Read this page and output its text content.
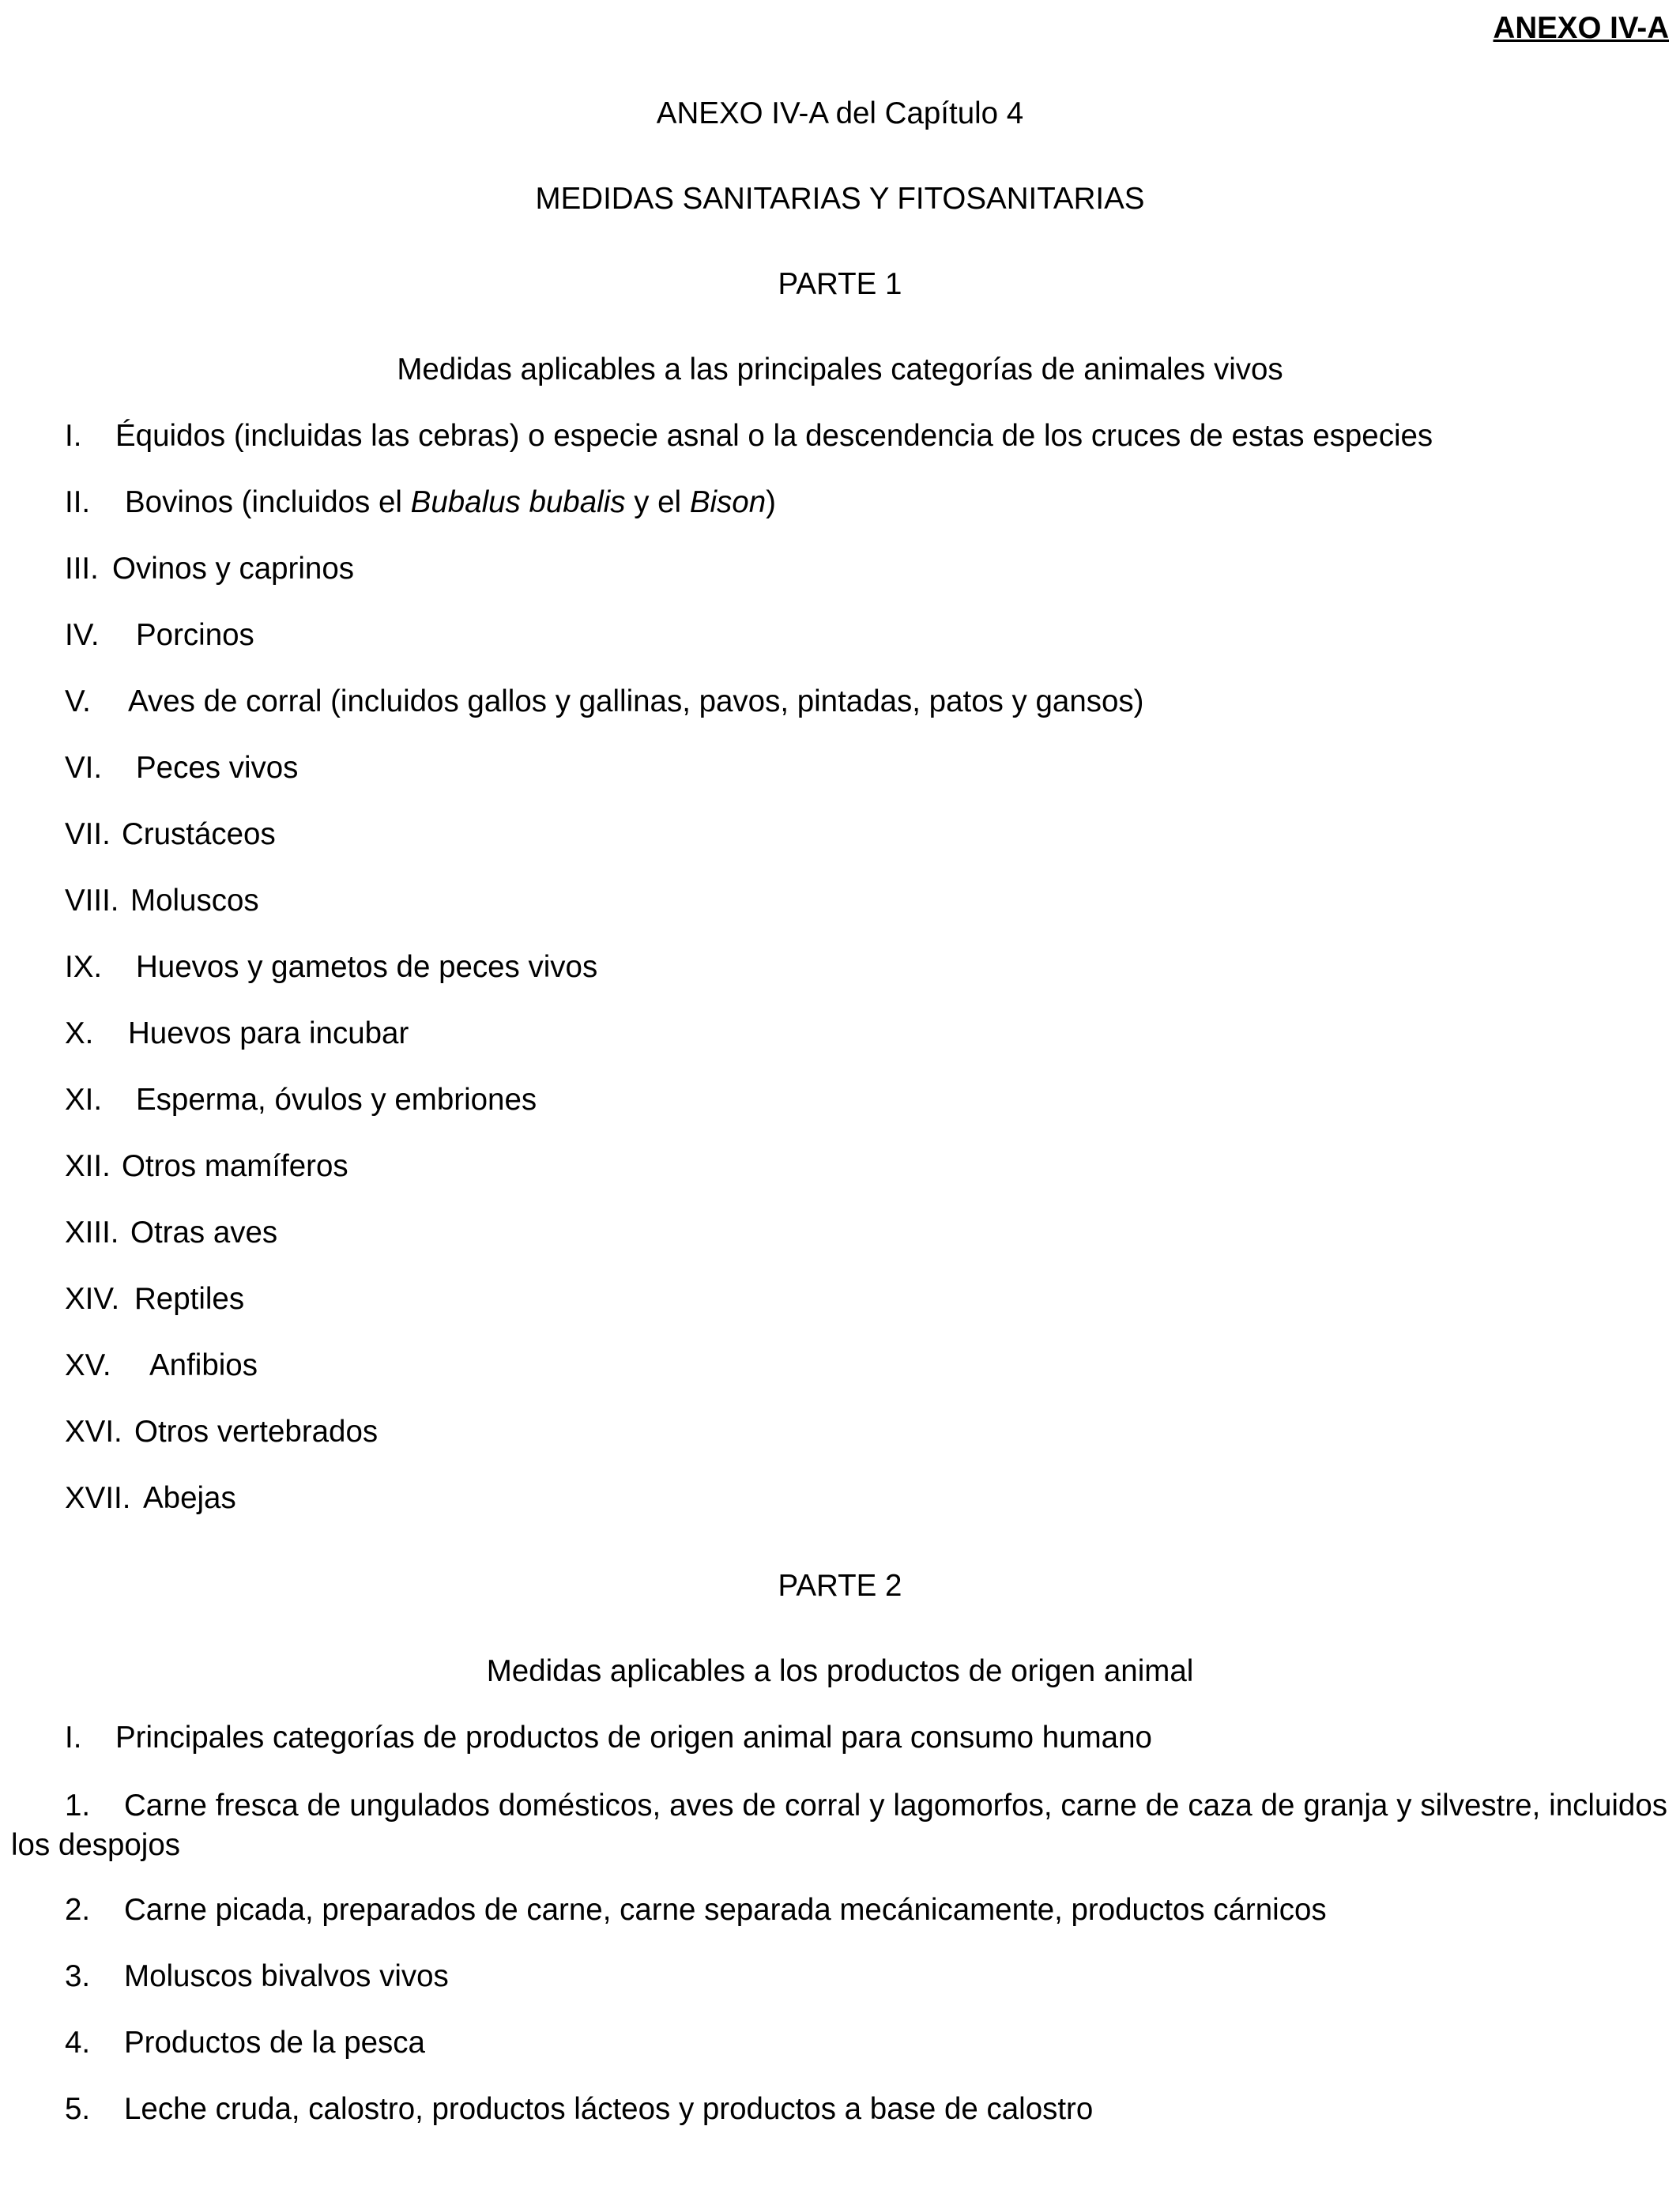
ANEXO IV-A
ANEXO IV-A del Capítulo 4
MEDIDAS SANITARIAS Y FITOSANITARIAS
PARTE 1
Medidas aplicables a las principales categorías de animales vivos
I. Équidos (incluidas las cebras) o especie asnal o la descendencia de los cruces de estas especies
II. Bovinos (incluidos el Bubalus bubalis y el Bison)
III. Ovinos y caprinos
IV. Porcinos
V. Aves de corral (incluidos gallos y gallinas, pavos, pintadas, patos y gansos)
VI. Peces vivos
VII. Crustáceos
VIII. Moluscos
IX. Huevos y gametos de peces vivos
X. Huevos para incubar
XI. Esperma, óvulos y embriones
XII. Otros mamíferos
XIII. Otras aves
XIV. Reptiles
XV. Anfibios
XVI. Otros vertebrados
XVII. Abejas
PARTE 2
Medidas aplicables a los productos de origen animal
I. Principales categorías de productos de origen animal para consumo humano
1. Carne fresca de ungulados domésticos, aves de corral y lagomorfos, carne de caza de granja y silvestre, incluidos los despojos
2. Carne picada, preparados de carne, carne separada mecánicamente, productos cárnicos
3. Moluscos bivalvos vivos
4. Productos de la pesca
5. Leche cruda, calostro, productos lácteos y productos a base de calostro
